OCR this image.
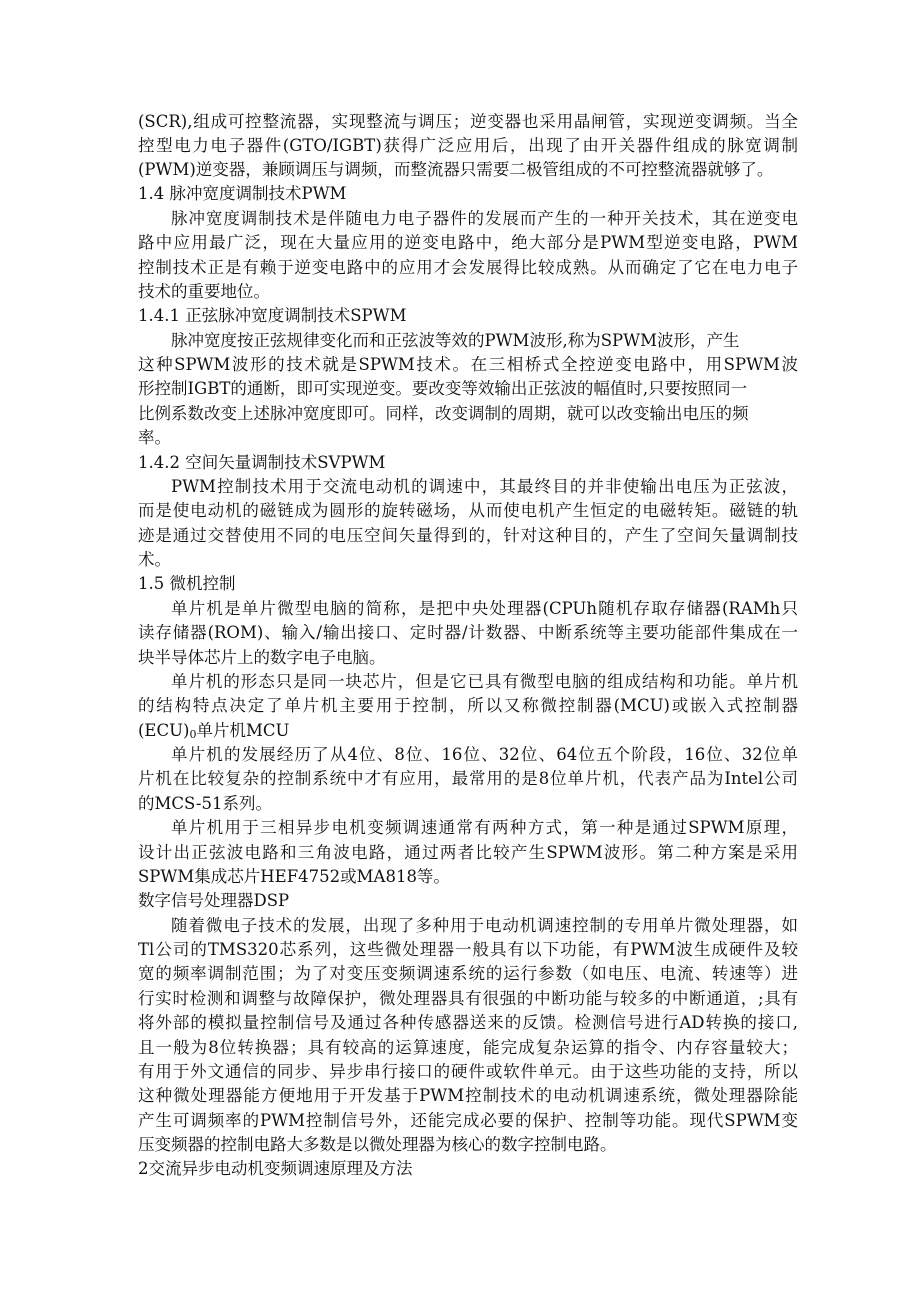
(SCR),组成可控整流器，实现整流与调压；逆变器也采用晶闸管，实现逆变调频。当全
控型电力电子器件(GTO/IGBT)获得广泛应用后，出现了由开关器件组成的脉宽调制
(PWM)逆变器，兼顾调压与调频，而整流器只需要二极管组成的不可控整流器就够了。
1.4 脉冲宽度调制技术PWM
脉冲宽度调制技术是伴随电力电子器件的发展而产生的一种开关技术，其在逆变电
路中应用最广泛，现在大量应用的逆变电路中，绝大部分是PWM型逆变电路，PWM
控制技术正是有赖于逆变电路中的应用才会发展得比较成熟。从而确定了它在电力电子
技术的重要地位。
1.4.1 正弦脉冲宽度调制技术SPWM
脉冲宽度按正弦规律变化而和正弦波等效的PWM波形,称为SPWM波形，产生
这种SPWM波形的技术就是SPWM技术。在三相桥式全控逆变电路中，用SPWM波
形控制IGBT的通断，即可实现逆变。要改变等效输出正弦波的幅值时,只要按照同一
比例系数改变上述脉冲宽度即可。同样，改变调制的周期，就可以改变输出电压的频
率。
1.4.2 空间矢量调制技术SVPWM
PWM控制技术用于交流电动机的调速中，其最终目的并非使输出电压为正弦波，
而是使电动机的磁链成为圆形的旋转磁场，从而使电机产生恒定的电磁转矩。磁链的轨
迹是通过交替使用不同的电压空间矢量得到的，针对这种目的，产生了空间矢量调制技
术。
1.5 微机控制
单片机是单片微型电脑的简称，是把中央处理器(CPUh随机存取存储器(RAMh只
读存储器(ROM)、输入/输出接口、定时器/计数器、中断系统等主要功能部件集成在一
块半导体芯片上的数字电子电脑。
单片机的形态只是同一块芯片，但是它已具有微型电脑的组成结构和功能。单片机
的结构特点决定了单片机主要用于控制，所以又称微控制器(MCU)或嵌入式控制器
$(ECU)_0$单片机MCU
单片机的发展经历了从4位、8位、16位、32位、64位五个阶段，16位、32位单
片机在比较复杂的控制系统中才有应用，最常用的是8位单片机，代表产品为Intel公司
的MCS-51系列。
单片机用于三相异步电机变频调速通常有两种方式，第一种是通过SPWM原理，
设计出正弦波电路和三角波电路，通过两者比较产生SPWM波形。第二种方案是采用
SPWM集成芯片HEF4752或MA818等。
数字信号处理器DSP
随着微电子技术的发展，出现了多种用于电动机调速控制的专用单片微处理器，如
Tl公司的TMS320芯系列，这些微处理器一般具有以下功能，有PWM波生成硬件及较
宽的频率调制范围；为了对变压变频调速系统的运行参数（如电压、电流、转速等）进
行实时检测和调整与故障保护，微处理器具有很强的中断功能与较多的中断通道，;具有
将外部的模拟量控制信号及通过各种传感器送来的反馈。检测信号进行AD转换的接口,
且一般为8位转换器；具有较高的运算速度，能完成复杂运算的指令、内存容量较大；
有用于外文通信的同步、异步串行接口的硬件或软件单元。由于这些功能的支持，所以
这种微处理器能方便地用于开发基于PWM控制技术的电动机调速系统，微处理器除能
产生可调频率的PWM控制信号外，还能完成必要的保护、控制等功能。现代SPWM变
压变频器的控制电路大多数是以微处理器为核心的数字控制电路。
2交流异步电动机变频调速原理及方法
